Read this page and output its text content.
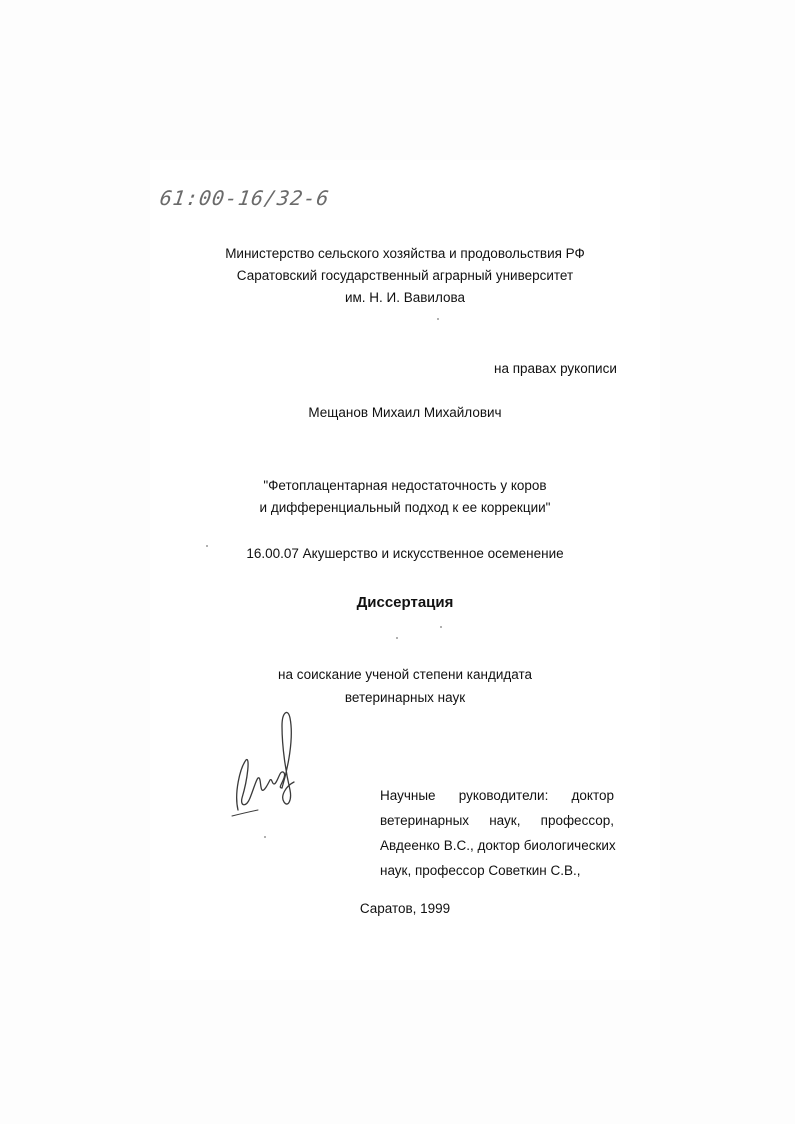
61:00-16/32-6
Министерство сельского хозяйства и продовольствия РФ
Саратовский государственный аграрный университет
им. Н. И. Вавилова
на правах рукописи
Мещанов Михаил Михайлович
"Фетоплацентарная недостаточность у коров
и дифференциальный подход к ее коррекции"
16.00.07 Акушерство и искусственное осеменение
Диссертация
на соискание ученой степени кандидата
ветеринарных наук
Научные руководители: доктор
ветеринарных наук, профессор,
Авдеенко В.С., доктор биологических
наук, профессор Советкин С.В.,
Саратов, 1999
